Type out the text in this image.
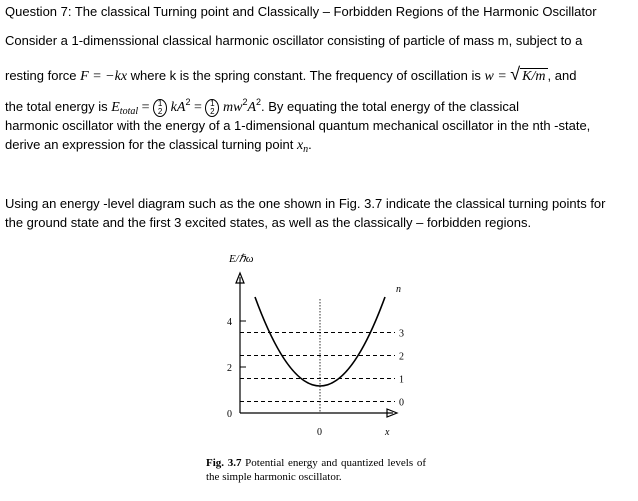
Question 7: The classical Turning point and Classically – Forbidden Regions of the Harmonic Oscillator
Consider a 1-dimenssional classical harmonic oscillator consisting of particle of mass m, subject to a
resting force F = −kx where k is the spring constant. The frequency of oscillation is w = √ K/m , and
the total energy is $E_{total} = 1$
2 $kA^2 = 1$
2 $mw^2A^2$. By equating the total energy of the classical
harmonic oscillator with the energy of a 1-dimensional quantum mechanical oscillator in the nth -state,
derive an expression for the classical turning point $x_n$.
Using an energy -level diagram such as the one shown in Fig. 3.7 indicate the classical turning points for
the ground state and the first 3 excited states, as well as the classically – forbidden regions.
4
2
0
0	x
E/ℏω
n
0
1
2
3
Fig. 3.7 Potential energy and quantized levels of the simple harmonic oscillator.
